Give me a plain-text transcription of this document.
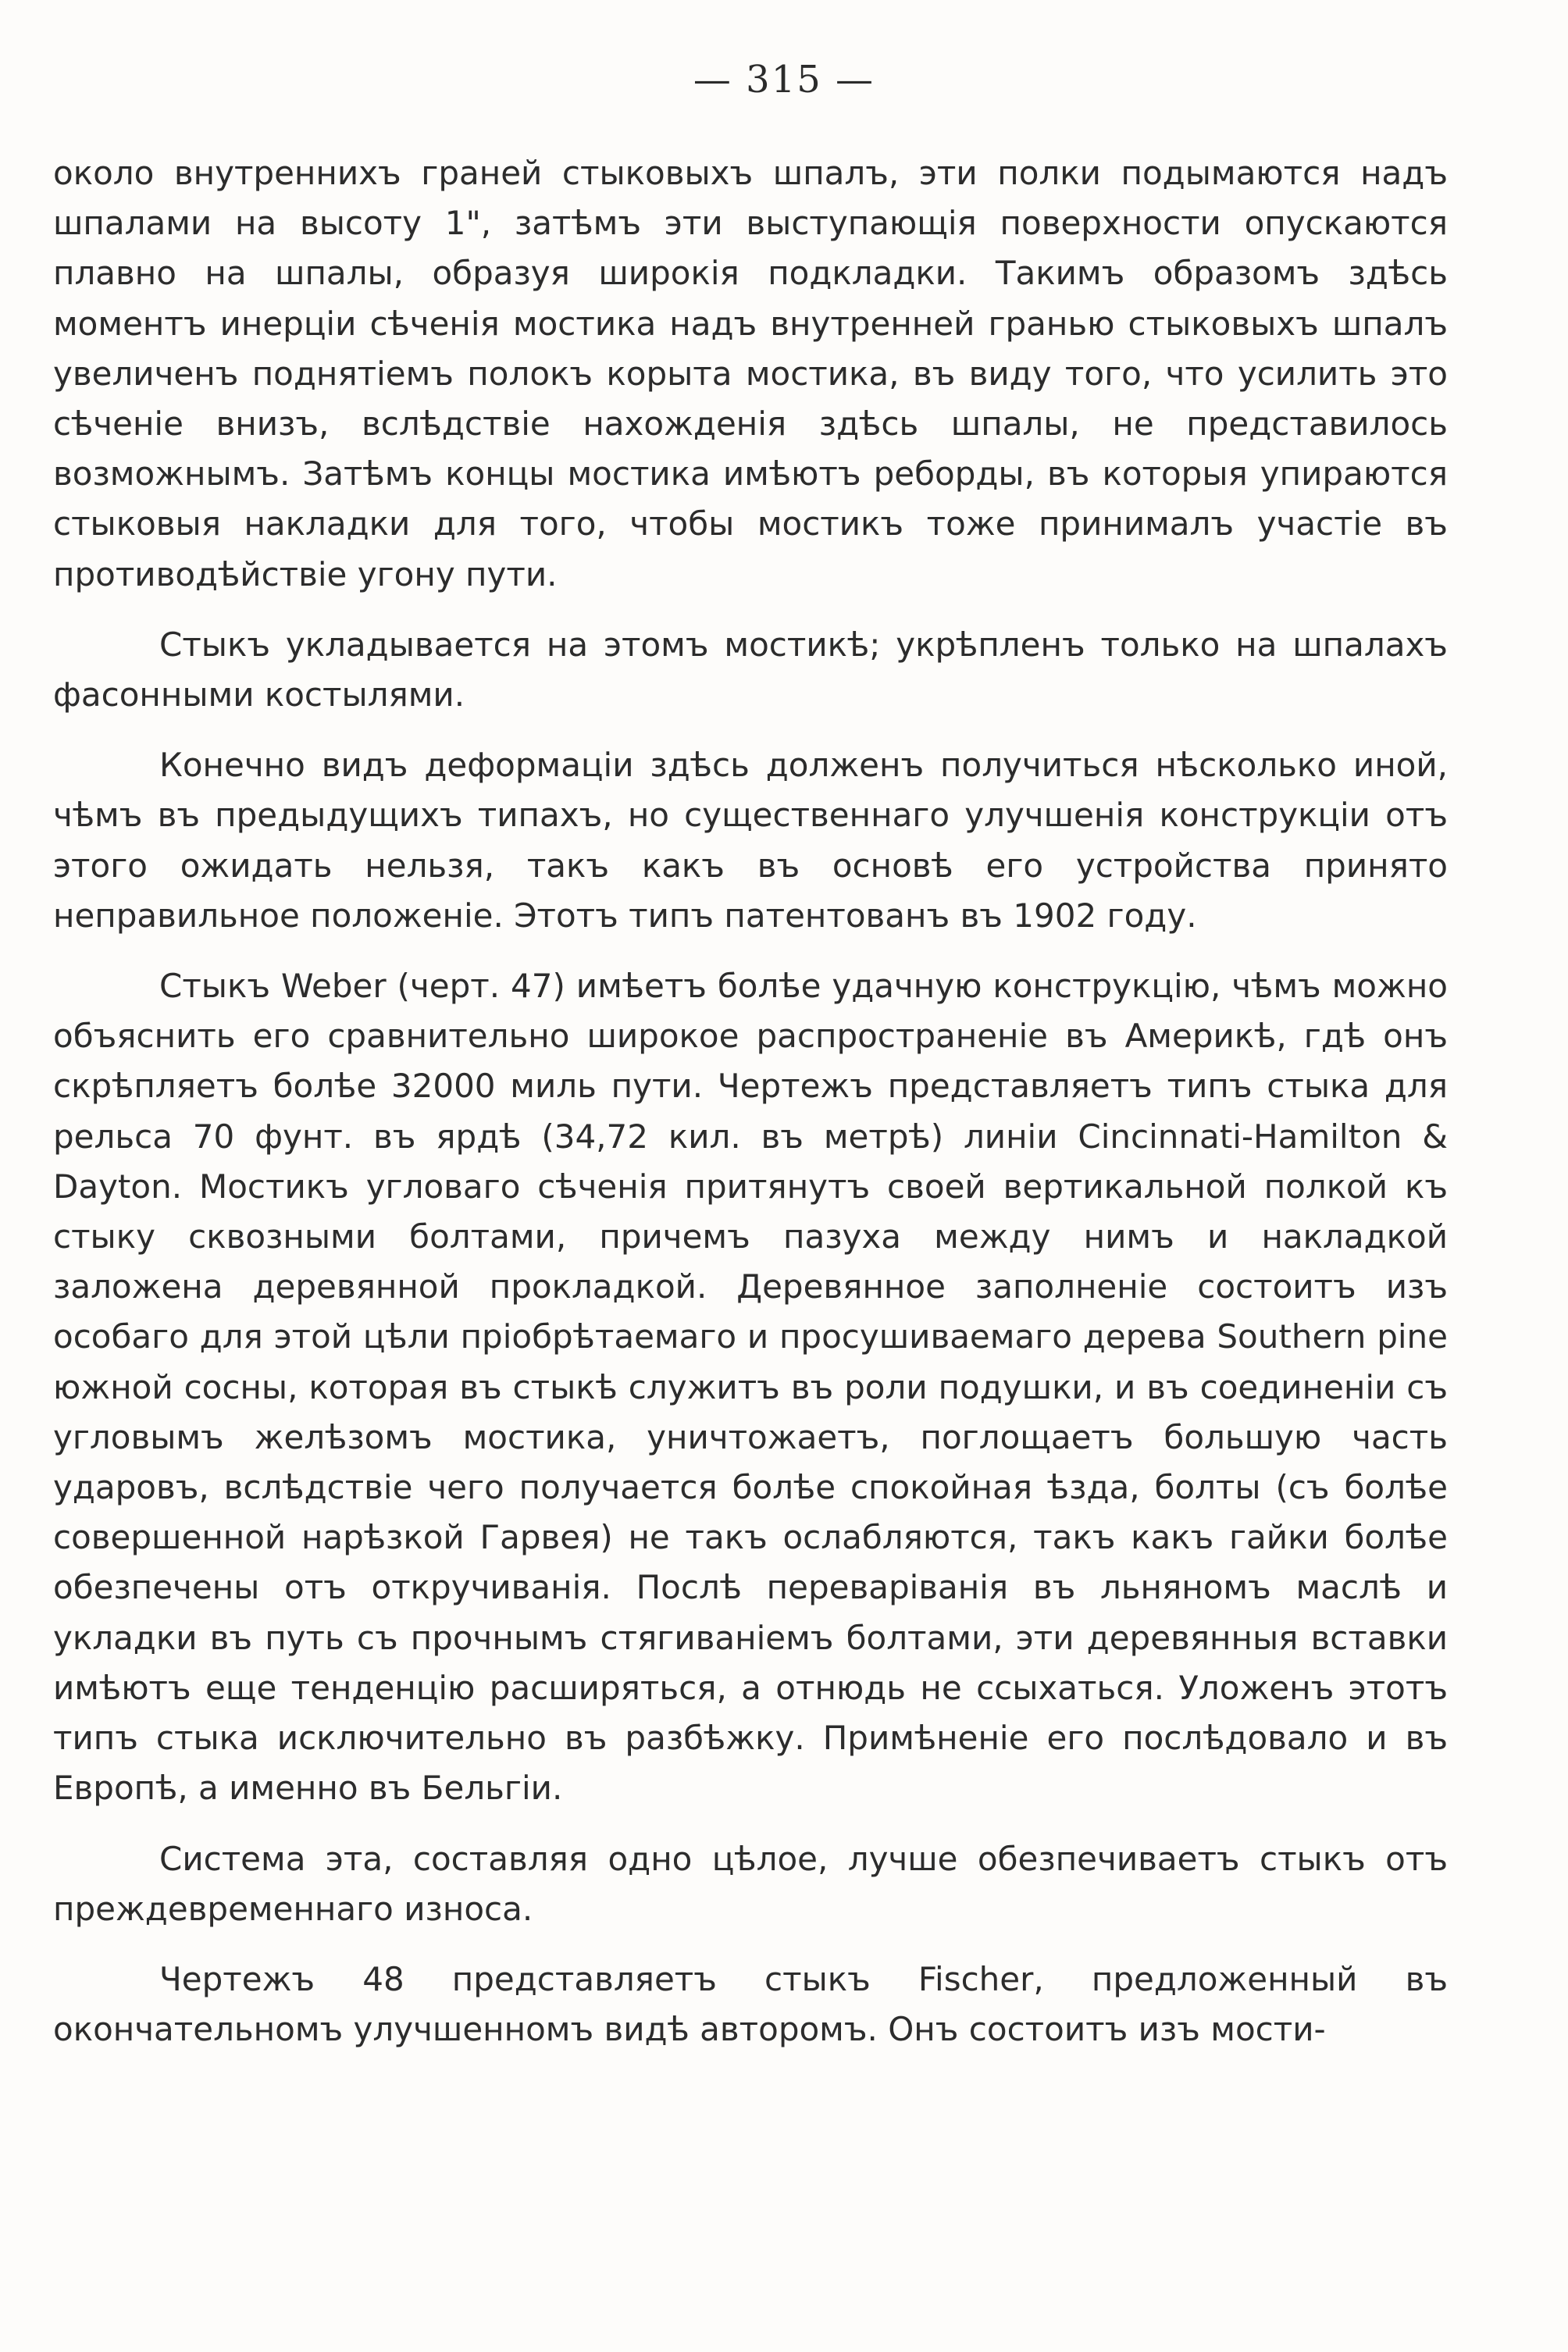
— 315 —

около внутреннихъ граней стыковыхъ шпалъ, эти полки подымаются надъ шпалами на высоту 1", затѣмъ эти выступающія поверхности опускаются плавно на шпалы, образуя широкія подкладки. Такимъ образомъ здѣсь моментъ инерціи сѣченія мостика надъ внутренней гранью стыковыхъ шпалъ увеличенъ поднятіемъ полокъ корыта мостика, въ виду того, что усилить это сѣченіе внизъ, вслѣдствіе нахожденія здѣсь шпалы, не представилось возможнымъ. Затѣмъ концы мостика имѣютъ реборды, въ которыя упираются стыковыя накладки для того, чтобы мостикъ тоже принималъ участіе въ противодѣйствіе угону пути.

Стыкъ укладывается на этомъ мостикѣ; укрѣпленъ только на шпалахъ фасонными костылями.

Конечно видъ деформаціи здѣсь долженъ получиться нѣсколько иной, чѣмъ въ предыдущихъ типахъ, но существеннаго улучшенія конструкціи отъ этого ожидать нельзя, такъ какъ въ основѣ его устройства принято неправильное положеніе. Этотъ типъ патентованъ въ 1902 году.

Стыкъ Weber (черт. 47) имѣетъ болѣе удачную конструкцію, чѣмъ можно объяснить его сравнительно широкое распространеніе въ Америкѣ, гдѣ онъ скрѣпляетъ болѣе 32000 миль пути. Чертежъ представляетъ типъ стыка для рельса 70 фунт. въ ярдѣ (34,72 кил. въ метрѣ) линіи Cincinnati-Hamilton & Dayton. Мостикъ угловаго сѣченія притянутъ своей вертикальной полкой къ стыку сквозными болтами, причемъ пазуха между нимъ и накладкой заложена деревянной прокладкой. Деревянное заполненіе состоитъ изъ особаго для этой цѣли пріобрѣтаемаго и просушиваемаго дерева Southern pine южной сосны, которая въ стыкѣ служитъ въ роли подушки, и въ соединеніи съ угловымъ желѣзомъ мостика, уничтожаетъ, поглощаетъ большую часть ударовъ, вслѣдствіе чего получается болѣе спокойная ѣзда, болты (съ болѣе совершенной нарѣзкой Гарвея) не такъ ослабляются, такъ какъ гайки болѣе обезпечены отъ откручиванія. Послѣ переваріванія въ льняномъ маслѣ и укладки въ путь съ прочнымъ стягиваніемъ болтами, эти деревянныя вставки имѣютъ еще тенденцію расширяться, а отнюдь не ссыхаться. Уложенъ этотъ типъ стыка исключительно въ разбѣжку. Примѣненіе его послѣдовало и въ Европѣ, а именно въ Бельгіи.

Система эта, составляя одно цѣлое, лучше обезпечиваетъ стыкъ отъ преждевременнаго износа.

Чертежъ 48 представляетъ стыкъ Fischer, предложенный въ окончательномъ улучшенномъ видѣ авторомъ. Онъ состоитъ изъ мости-
